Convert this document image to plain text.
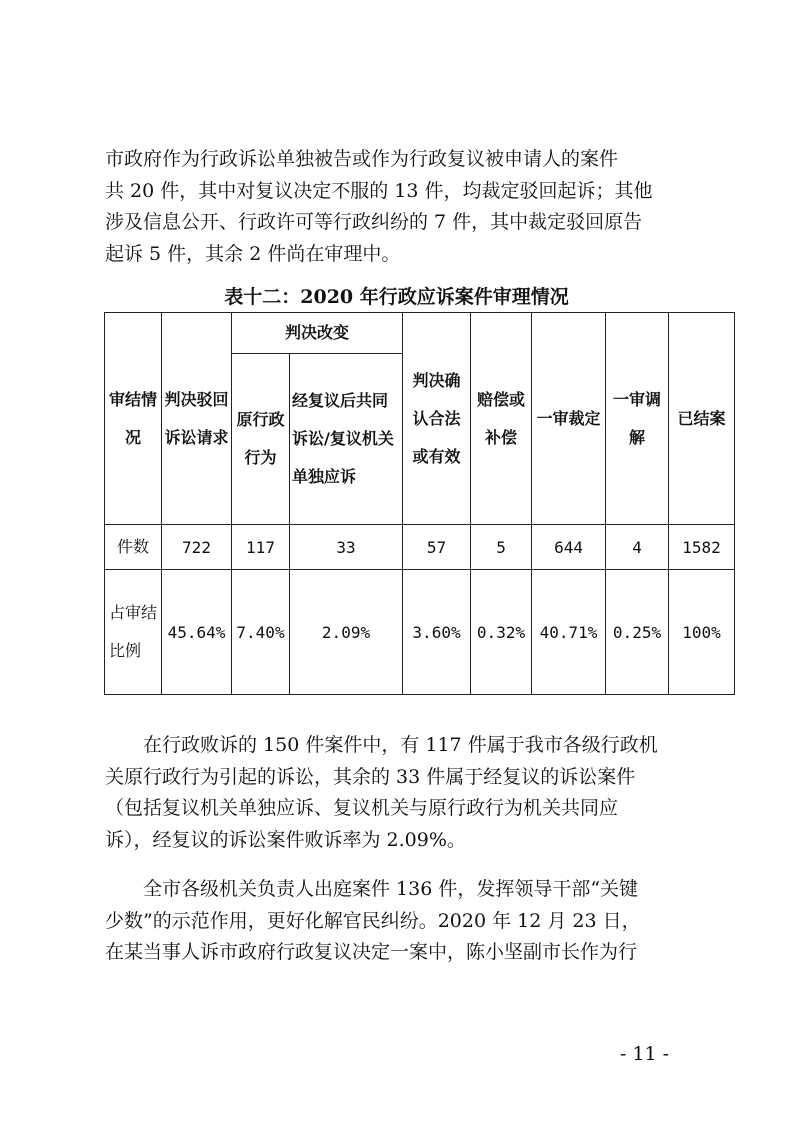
市政府作为行政诉讼单独被告或作为行政复议被申请人的案件
共 20 件，其中对复议决定不服的 13 件，均裁定驳回起诉；其他
涉及信息公开、行政许可等行政纠纷的 7 件，其中裁定驳回原告
起诉 5 件，其余 2 件尚在审理中。
表十二：2020 年行政应诉案件审理情况
审结情况	判决驳回诉讼请求	判决改变		判决确认合法或有效	赔偿或补偿	一审裁定	一审调解	已结案
		原行政行为	经复议后共同诉讼/复议机关单独应诉					
件数	722	117	33	57	5	644	4	1582
占审结比例	45.64%	7.40%	2.09%	3.60%	0.32%	40.71%	0.25%	100%
在行政败诉的 150 件案件中，有 117 件属于我市各级行政机
关原行政行为引起的诉讼，其余的 33 件属于经复议的诉讼案件
（包括复议机关单独应诉、复议机关与原行政行为机关共同应
诉），经复议的诉讼案件败诉率为 2.09%。
全市各级机关负责人出庭案件 136 件，发挥领导干部“关键
少数”的示范作用，更好化解官民纠纷。2020 年 12 月 23 日，
在某当事人诉市政府行政复议决定一案中，陈小坚副市长作为行
- 11 -
